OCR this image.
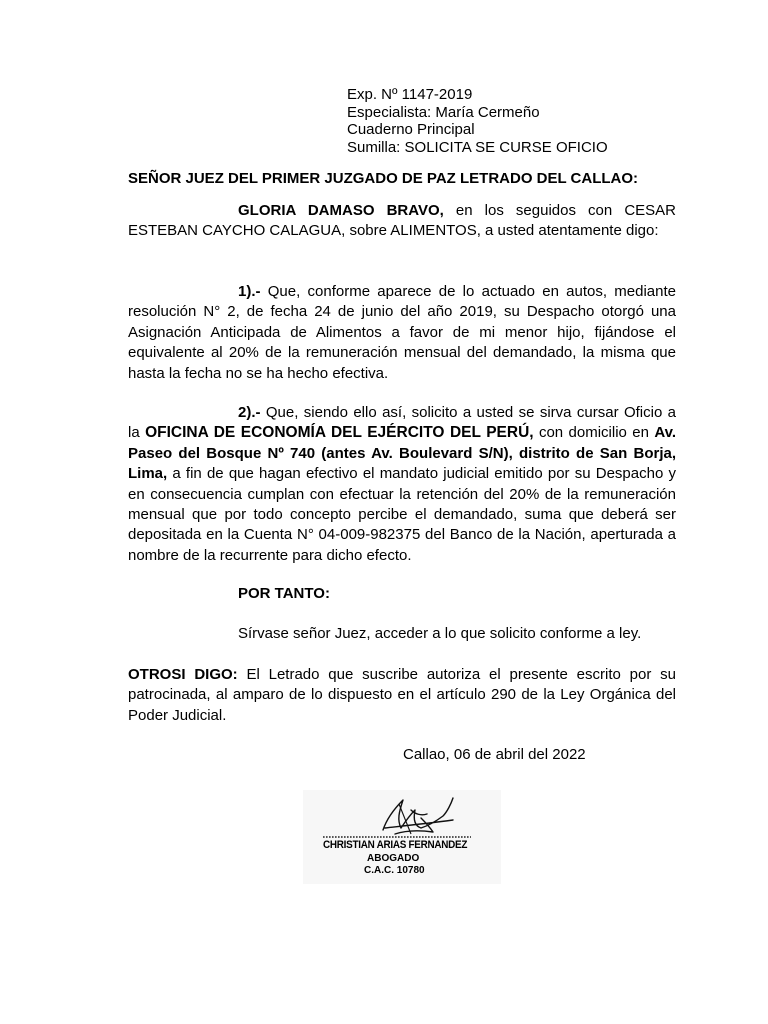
Exp. Nº 1147-2019
Especialista: María Cermeño
Cuaderno Principal
Sumilla: SOLICITA SE CURSE OFICIO
SEÑOR JUEZ DEL PRIMER JUZGADO DE PAZ LETRADO DEL CALLAO:
GLORIA DAMASO BRAVO, en los seguidos con CESAR ESTEBAN CAYCHO CALAGUA, sobre ALIMENTOS, a usted atentamente digo:
1).- Que, conforme aparece de lo actuado en autos, mediante resolución N° 2, de fecha 24 de junio del año 2019, su Despacho otorgó una Asignación Anticipada de Alimentos a favor de mi menor hijo, fijándose el equivalente al 20% de la remuneración mensual del demandado, la misma que hasta la fecha no se ha hecho efectiva.
2).- Que, siendo ello así, solicito a usted se sirva cursar Oficio a la OFICINA DE ECONOMÍA DEL EJÉRCITO DEL PERÚ, con domicilio en Av. Paseo del Bosque Nº 740 (antes Av. Boulevard S/N), distrito de San Borja, Lima, a fin de que hagan efectivo el mandato judicial emitido por su Despacho y en consecuencia cumplan con efectuar la retención del 20% de la remuneración mensual que por todo concepto percibe el demandado, suma que deberá ser depositada en la Cuenta N° 04-009-982375 del Banco de la Nación, aperturada a nombre de la recurrente para dicho efecto.
POR TANTO:
Sírvase señor Juez, acceder a lo que solicito conforme a ley.
OTROSI DIGO: El Letrado que suscribe autoriza el presente escrito por su patrocinada, al amparo de lo dispuesto en el artículo 290 de la Ley Orgánica del Poder Judicial.
Callao, 06 de abril del 2022
CHRISTIAN ARIAS FERNANDEZ
ABOGADO
C.A.C. 10780
